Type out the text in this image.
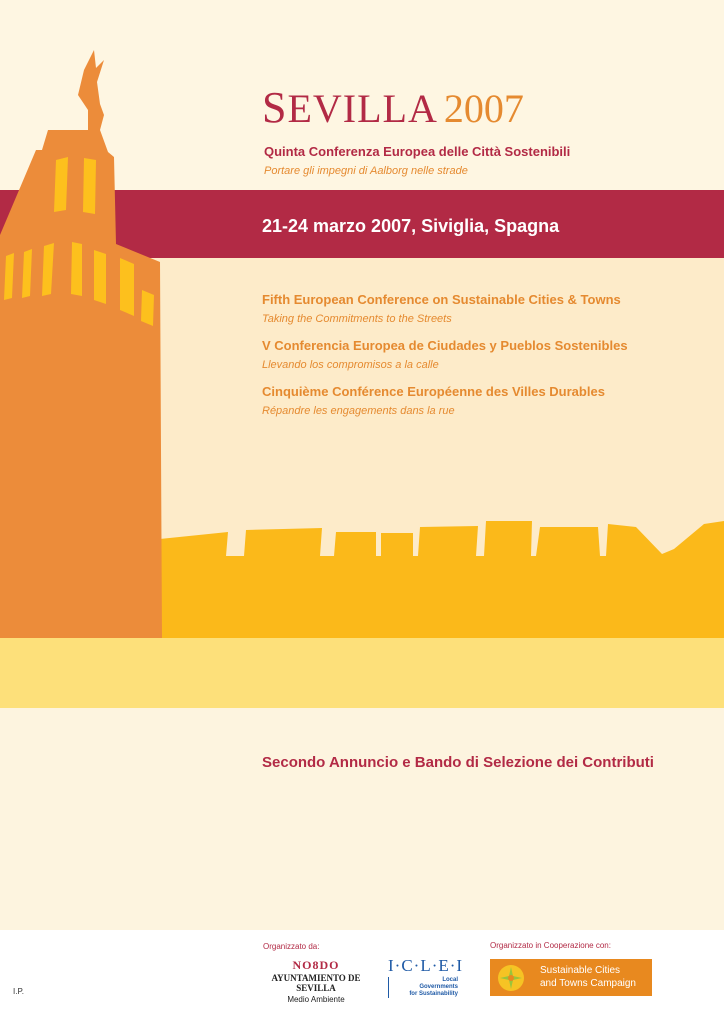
SEVILLA 2007
Quinta Conferenza Europea delle Città Sostenibili
Portare gli impegni di Aalborg nelle strade
21-24 marzo 2007, Siviglia, Spagna
Fifth European Conference on Sustainable Cities & Towns
Taking the Commitments to the Streets
V Conferencia Europea de Ciudades y Pueblos Sostenibles
Llevando los compromisos a la calle
Cinquième Conférence Européenne des Villes Durables
Répandre les engagements dans la rue
Secondo Annuncio e Bando di Selezione dei Contributi
Organizzato da:	Organizzato in Cooperazione con:
I.P.
NO8DO
AYUNTAMIENTO DE SEVILLA
Medio Ambiente
I·C·L·E·I
Local
Governments
for Sustainability
Sustainable Cities
and Towns Campaign
